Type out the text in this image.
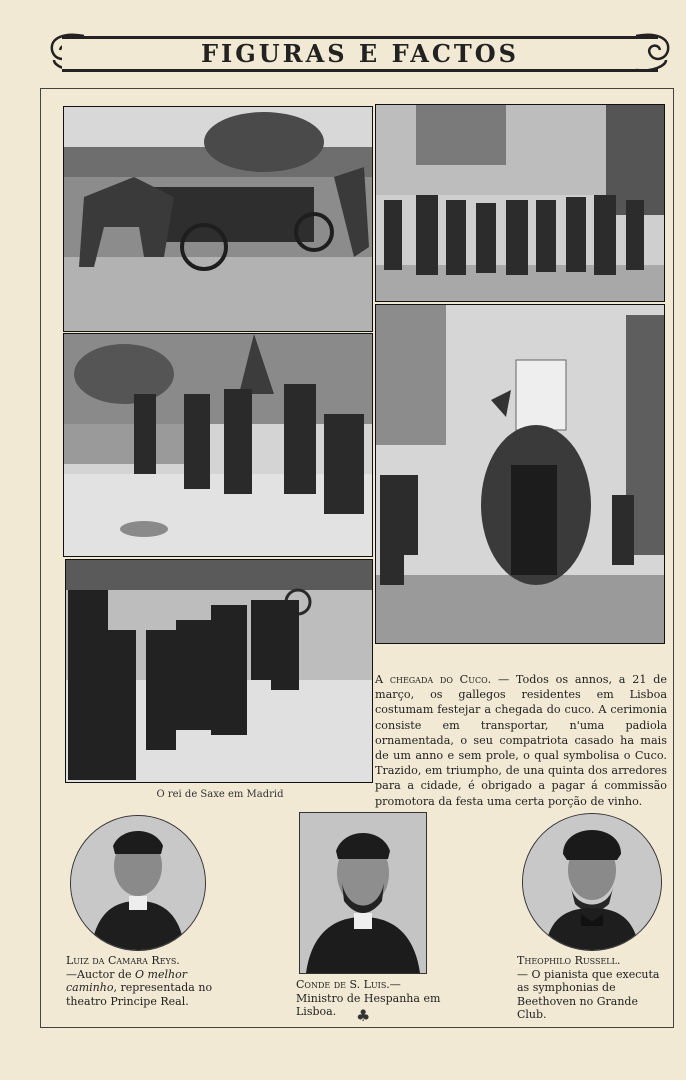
FIGURAS E FACTOS
O rei de Saxe em Madrid
A chegada do Cuco. — Todos os annos, a 21 de março, os gallegos residentes em Lisboa costumam festejar a chegada do cuco. A cerimonia consiste em transportar, n'uma padiola ornamentada, o seu compatriota casado ha mais de um anno e sem prole, o qual symbolisa o Cuco. Trazido, em triumpho, de una quinta dos arredores para a cidade, é obrigado a pagar á commissão promotora da festa uma certa porção de vinho.
Luiz da Camara Reys.
—Auctor de O melhor caminho, representada no theatro Principe Real.
Conde de S. Luis.—Ministro de Hespanha em Lisboa.
Theophilo Russell.
— O pianista que executa as symphonias de Beethoven no Grande Club.
♣
